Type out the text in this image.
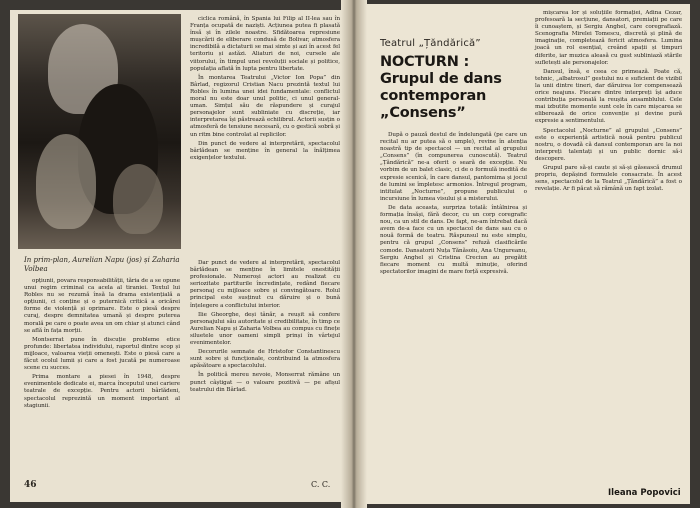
In prim-plan, Aurelian Napu (jos) și Zaharia Volbea

ciclica română, în Spania lui Filip al II-lea sau în Franța ocupată de naziști. Acțiunea putea fi plasată însă și în zilele noastre. Sfidătoarea represiune mușcării de eliberare condusă de Bolivar, atmosfera incredibilă a dictaturii se mai simte și azi în acest fel teritoriu și astăzi. Aliaturi de noi, cursele ale viitorului, în timpul unei revoluții sociale și politice, populația aflată în lupta pentru libertate.

În montarea Teatrului „Victor Ion Popa” din Bârlad, regizorul Cristian Nacu prezintă textul lui Robles în lumina unei idei fundamentale: conflictul moral nu este doar unul politic, ci unul general-uman. Simțul său de răspundere și curajul personajelor sunt subliniate cu discreție, iar interpretarea își păstrează echilibrul. Actorii susțin o atmosferă de tensiune necesară, cu o gestică sobră și un ritm bine controlat al replicilor.

Din punct de vedere al interpretării, spectacolul bârlădean se menține în general la înălțimea exigențelor textului.

opțiunii, povara responsabilității, tăria de a se opune unui regim criminal ca acela al tiraniei. Textul lui Robles nu se rezumă însă la drama existențială a opțiunii, ci conține și o puternică critică a oricărei forme de violență și oprimare. Este o piesă despre curaj, despre demnitatea umană și despre puterea morală pe care o poate avea un om chiar și atunci când se află în fața morții.

Montserrat pune în discuție probleme etice profunde: libertatea individului, raportul dintre scop și mijloace, valoarea vieții omenești. Este o piesă care a făcut ocolul lumii și care a fost jucată pe numeroase scene cu succes.

Prima montare a piesei în 1948, despre evenimentele dedicate ei, marca începutul unei cariere teatrale de excepție. Pentru actorii bârlădeni, spectacolul reprezintă un moment important al stagiunii.

Dar punct de vedere al interpretării, spectacolul bârlădean se menține în limitele onestității profesionale. Numeroși actori au realizat cu seriozitate partiturile încredințate, redând fiecare personaj cu mijloace sobre și convingătoare. Rolul principal este susținut cu dăruire și o bună înțelegere a conflictului interior.

Ilie Gheorghe, deși tânăr, a reușit să confere personajului său autoritate și credibilitate, în timp ce Aurelian Napu și Zaharia Volbea au compus cu finețe siluetele unor oameni simpli prinși în vârtejul evenimentelor.

Decorurile semnate de Hristofor Constantinescu sunt sobre și funcționale, contribuind la atmosfera apăsătoare a spectacolului.

În politică mereu nevoie, Monserrat rămâne un punct câștigat — o valoare pozitivă — pe afișul teatrului din Bârlad.

46	C. C.
Teatrul „Țăndărică”
NOCTURN : Grupul de dans contemporan „Consens”

După o pauză destul de îndelungată (pe care un recital nu ar putea să o umple), revine în atenția noastră tip de spectacol — un recital al grupului „Consens” (în compunerea cunoscută). Teatrul „Țăndărică” ne-a oferit o seară de excepție. Nu vorbim de un balet clasic, ci de o formulă inedită de expresie scenică, în care dansul, pantomima și jocul de lumini se împletesc armonios. Întregul program, intitulat „Nocturne”, propune publicului o incursiune în lumea visului și a misterului.

De data aceasta, surpriza totală: întâlnirea și formația însăși, fără decor, cu un corp coregrafic nou, ca un stil de dans. De fapt, ne-am întrebat dacă avem de-a face cu un spectacol de dans sau cu o nouă formă de teatru. Răspunsul nu este simplu, pentru că grupul „Consens” refuză clasificările comode. Dansatorii Nuța Tănăsoiu, Ana Ungureanu, Sergiu Anghel și Cristina Creciun au pregătit fiecare moment cu multă minuție, oferind spectatorilor imagini de mare forță expresivă.

mișcarea lor și soluțiile formației, Adina Cezar, profesoară la secțiune, dansatori, premiații pe care îi cunoaștem, și Sergiu Anghel, care coregrafiază. Scenografia Mirelei Tomescu, discretă și plină de imaginație, completează fericit atmosfera. Lumina joacă un rol esențial, creând spații și timpuri diferite, iar muzica aleasă cu gust subliniază stările sufletești ale personajelor.

Dansul, însă, e ceea ce primează. Poate că, tehnic, „albatrosul” gestului nu e suficient de vizibil la unii dintre tineri, dar dăruirea lor compensează orice neajuns. Fiecare dintre interpreți își aduce contribuția personală la reușita ansamblului. Cele mai izbutite momente sunt cele în care mișcarea se eliberează de orice convenție și devine pură expresie a sentimentului.

Spectacolul „Nocturne” al grupului „Consens” este o experiență artistică nouă pentru publicul nostru, o dovadă că dansul contemporan are la noi interpreți talentați și un public dornic să-i descopere.

Grupul pare să-și caute și să-și găsească drumul propriu, depășind formulele consacrate. În acest sens, spectacolul de la Teatrul „Țăndărică” a fost o revelație. Ar fi păcat să rămână un fapt izolat.

Ileana Popovici
